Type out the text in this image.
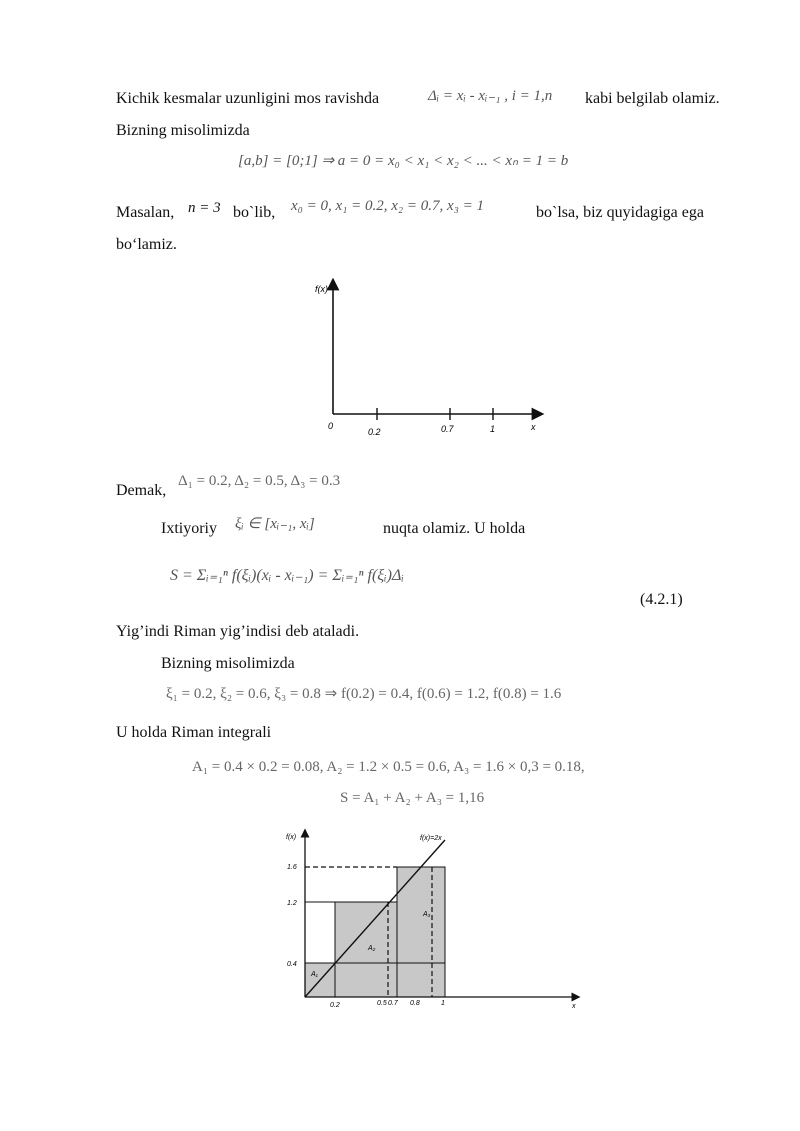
Kichik kesmalar uzunligini mos ravishda	Δᵢ = xᵢ - xᵢ₋₁ , i = 1,n kabi belgilab olamiz.
Bizning misolimizda
[a,b] = [0;1] ⇒ a = 0 = x₀ < x₁ < x₂ < ... < xₙ = 1 = b
Masalan, n = 3 bo`lib, x₀ = 0, x₁ = 0.2, x₂ = 0.7, x₃ = 1	bo`lsa, biz quyidagiga ega
bo‘lamiz.
f(x)
0
0.2	0.7	1	x
Demak,
Δ₁ = 0.2, Δ₂ = 0.5, Δ₃ = 0.3
Ixtiyoriy ξᵢ ∈ [xᵢ₋₁, xᵢ]	nuqta olamiz. U holda
S = Σᵢ₌₁ⁿ f(ξᵢ)(xᵢ - xᵢ₋₁) = Σᵢ₌₁ⁿ f(ξᵢ)Δᵢ
(4.2.1)
Yig’indi Riman yig’indisi deb ataladi.
Bizning misolimizda
ξ₁ = 0.2, ξ₂ = 0.6, ξ₃ = 0.8 ⇒ f(0.2) = 0.4, f(0.6) = 1.2, f(0.8) = 1.6
U holda Riman integrali
A₁ = 0.4 × 0.2 = 0.08, A₂ = 1.2 × 0.5 = 0.6, A₃ = 1.6 × 0,3 = 0.18,
S = A₁ + A₂ + A₃ = 1,16
f(x)	f(x)=2x
1.6
1.2
0.4
0.2	0.5 0.7 0.8	1	x
A₁
A₂
A₃
